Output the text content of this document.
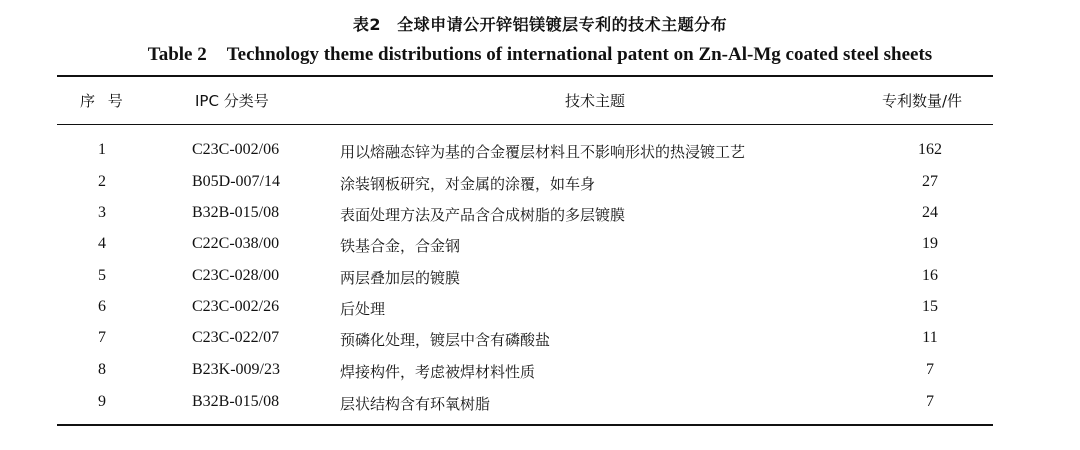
表2 全球申请公开锌铝镁镀层专利的技术主题分布
Table 2 Technology theme distributions of international patent on Zn-Al-Mg coated steel sheets
序 号	IPC 分类号	技术主题	专利数量/件
1	C23C-002/06	用以熔融态锌为基的合金覆层材料且不影响形状的热浸镀工艺	162
2	B05D-007/14	涂装钢板研究，对金属的涂覆，如车身	27
3	B32B-015/08	表面处理方法及产品含合成树脂的多层镀膜	24
4	C22C-038/00	铁基合金，合金钢	19
5	C23C-028/00	两层叠加层的镀膜	16
6	C23C-002/26	后处理	15
7	C23C-022/07	预磷化处理，镀层中含有磷酸盐	11
8	B23K-009/23	焊接构件，考虑被焊材料性质	7
9	B32B-015/08	层状结构含有环氧树脂	7
